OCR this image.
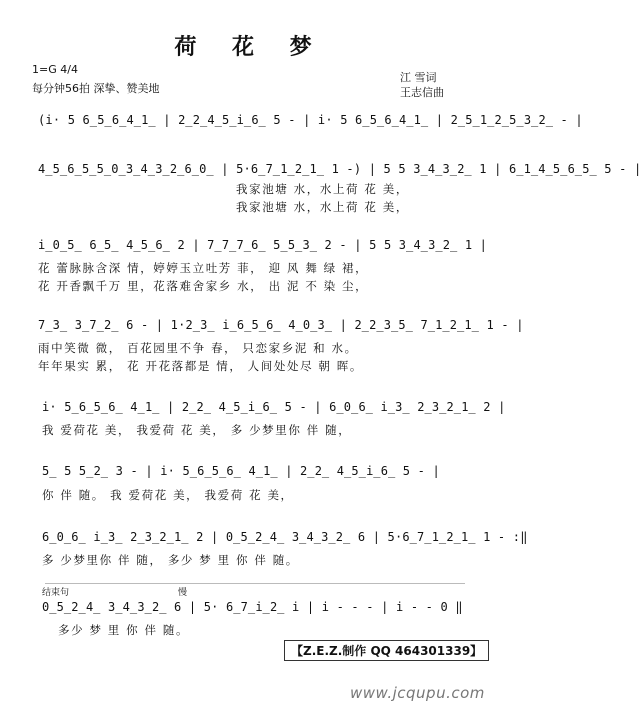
荷 花 梦
1=G 4/4
每分钟56拍 深挚、赞美地
江 雪词
王志信曲
(i· 5 6̲5̲6̲4̲1̲ | 2̲2̲4̲5̲i̲6̲ 5 - | i· 5 6̲5̲6̲4̲1̲ | 2̲5̲1̲2̲5̲3̲2̲ - |
4̲5̲6̲5̲5̲0̲3̲4̲3̲2̲6̲0̲ | 5·6̲7̲1̲2̲1̲ 1 -) | 5 5 3̲4̲3̲2̲ 1 | 6̲1̲4̲5̲6̲5̲ 5 - |
我家池塘 水，水上荷 花 美，
我家池塘 水，水上荷 花 美，
i̲0̲5̲ 6̲5̲ 4̲5̲6̲ 2 | 7̲7̲7̲6̲ 5̲5̲3̲ 2 - | 5 5 3̲4̲3̲2̲ 1 |
花 蕾脉脉含深 情，婷婷玉立吐芳 菲， 迎 风 舞 绿 裙，
花 开香飘千万 里，花落难舍家乡 水， 出 泥 不 染 尘，
7̲3̲ 3̲7̲2̲ 6 - | 1·2̲3̲ i̲6̲5̲6̲ 4̲0̲3̲ | 2̲2̲3̲5̲ 7̲1̲2̲1̲ 1 - |
雨中笑微 微， 百花园里不争 春， 只恋家乡泥 和 水。
年年果实 累， 花 开花落都是 情， 人间处处尽 朝 晖。
i· 5̲6̲5̲6̲ 4̲1̲ | 2̲2̲ 4̲5̲i̲6̲ 5 - | 6̲0̲6̲ i̲3̲ 2̲3̲2̲1̲ 2 |
我 爱荷花 美， 我爱荷 花 美， 多 少梦里你 伴 随，
5̲ 5 5̲2̲ 3 - | i· 5̲6̲5̲6̲ 4̲1̲ | 2̲2̲ 4̲5̲i̲6̲ 5 - |
你 伴 随。 我 爱荷花 美， 我爱荷 花 美，
6̲0̲6̲ i̲3̲ 2̲3̲2̲1̲ 2 | 0̲5̲2̲4̲ 3̲4̲3̲2̲ 6 | 5·6̲7̲1̲2̲1̲ 1 - :‖
多 少梦里你 伴 随， 多少 梦 里 你 伴 随。
结束句	慢
0̲5̲2̲4̲ 3̲4̲3̲2̲ 6 | 5· 6̲7̲i̲2̲ i | i - - - | i - - 0 ‖
多少 梦 里 你 伴 随。
【Z.E.Z.制作 QQ 464301339】
www.jcqupu.com
